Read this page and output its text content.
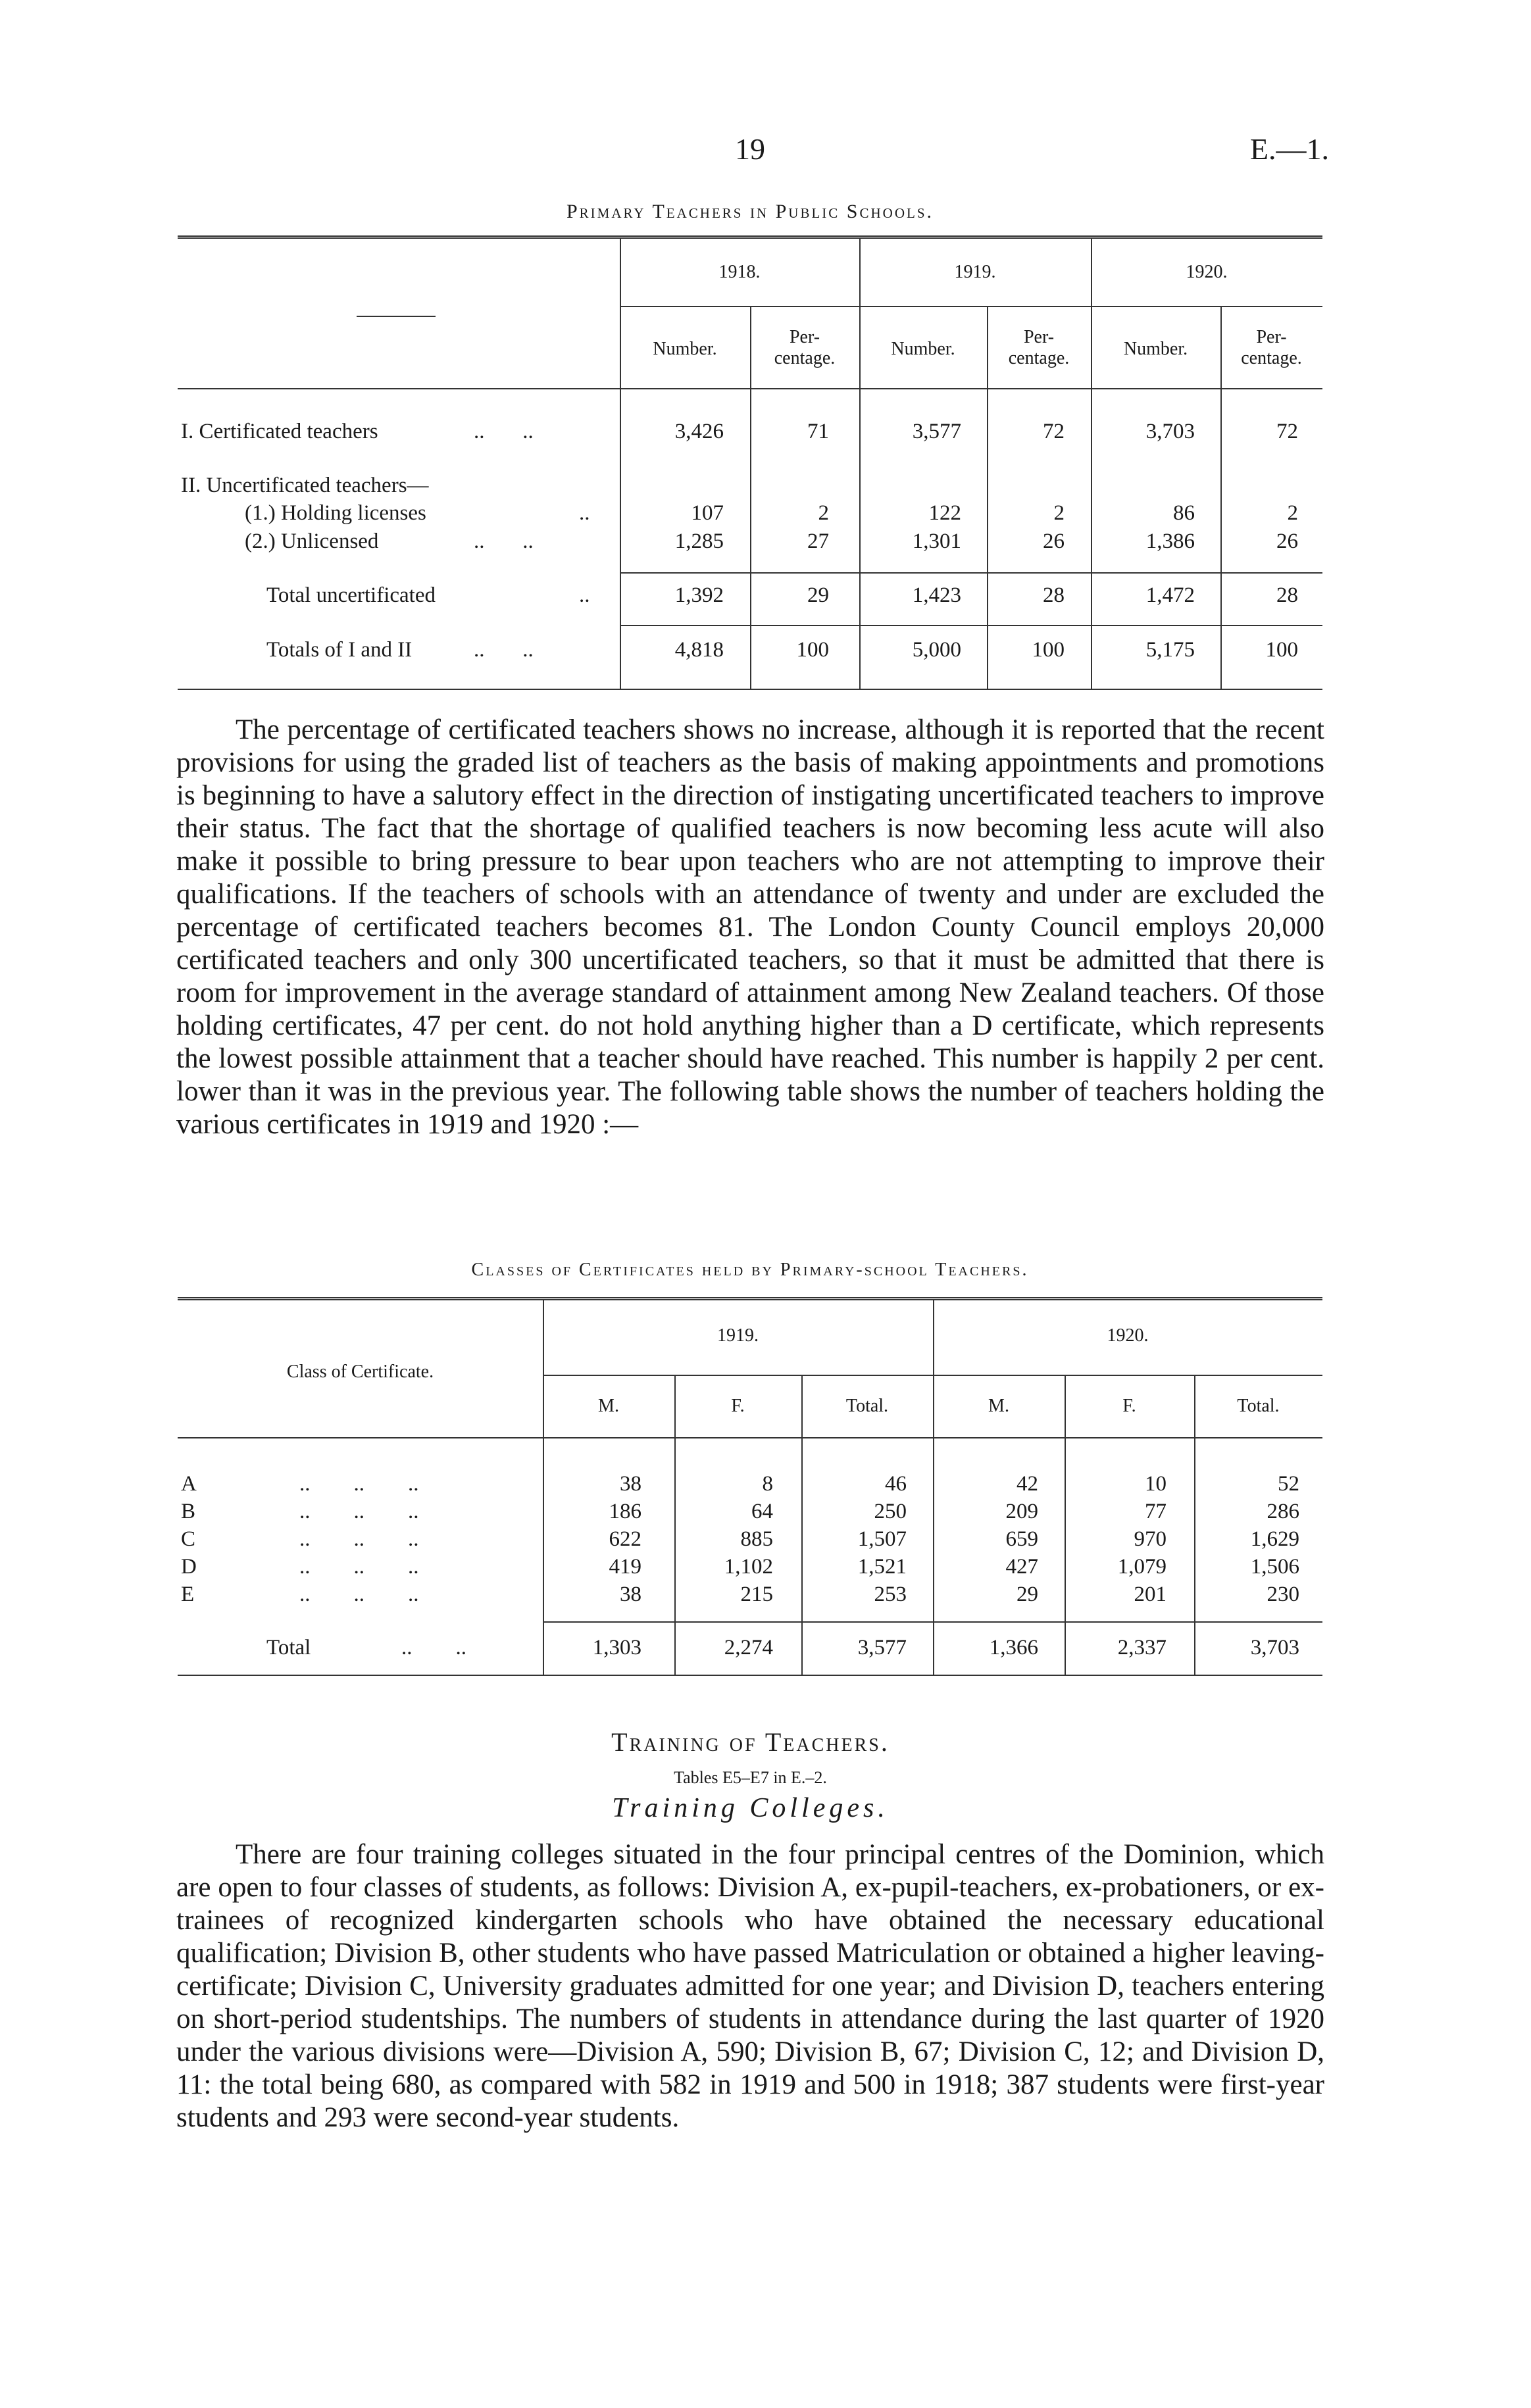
19	E.—1.
Primary Teachers in Public Schools.
1918.	1919.	1920.
Number.
Per-
centage.	Number.
Per-
centage.	Number.
Per-
centage.
I. Certificated teachers	..       ..	3,426	71	3,577	72	3,703	72
II. Uncertificated teachers—
(1.) Holding licenses	..	107	2	122	2	86	2
(2.) Unlicensed	..       ..	1,285	27	1,301	26	1,386	26
Total uncertificated	..	1,392	29	1,423	28	1,472	28
Totals of I and II	..       ..	4,818	100	5,000	100	5,175	100

The percentage of certificated teachers shows no increase, although it is reported that the recent provisions for using the graded list of teachers as the basis of making appointments and promotions is beginning to have a salutory effect in the direction of instigating uncertificated teachers to improve their status. The fact that the shortage of qualified teachers is now becoming less acute will also make it possible to bring pressure to bear upon teachers who are not attempting to improve their qualifications. If the teachers of schools with an attendance of twenty and under are excluded the percentage of certificated teachers becomes 81. The London County Council employs 20,000 certificated teachers and only 300 uncertificated teachers, so that it must be admitted that there is room for improvement in the average standard of attainment among New Zealand teachers. Of those holding certificates, 47 per cent. do not hold anything higher than a D certificate, which represents the lowest possible attainment that a teacher should have reached. This number is happily 2 per cent. lower than it was in the previous year. The following table shows the number of teachers holding the various certificates in 1919 and 1920 :—

Classes of Certificates held by Primary-school Teachers.
Class of Certificate.
1919.	1920.
M.	F.	Total.	M.	F.	Total.
A	..        ..        ..	38	8	46	42	10	52
B	..        ..        ..	186	64	250	209	77	286
C	..        ..        ..	622	885	1,507	659	970	1,629
D	..        ..        ..	419	1,102	1,521	427	1,079	1,506
E	..        ..        ..	38	215	253	29	201	230
Total	..        ..	1,303	2,274	3,577	1,366	2,337	3,703
Training of Teachers.
Tables E5–E7 in E.–2.
Training Colleges.

There are four training colleges situated in the four principal centres of the Dominion, which are open to four classes of students, as follows: Division A, ex-pupil-teachers, ex-probationers, or ex-trainees of recognized kindergarten schools who have obtained the necessary educational qualification; Division B, other students who have passed Matriculation or obtained a higher leaving-certificate; Division C, University graduates admitted for one year; and Division D, teachers entering on short-period studentships. The numbers of students in attendance during the last quarter of 1920 under the various divisions were—Division A, 590; Division B, 67; Division C, 12; and Division D, 11: the total being 680, as compared with 582 in 1919 and 500 in 1918; 387 students were first-year students and 293 were second-year students.
